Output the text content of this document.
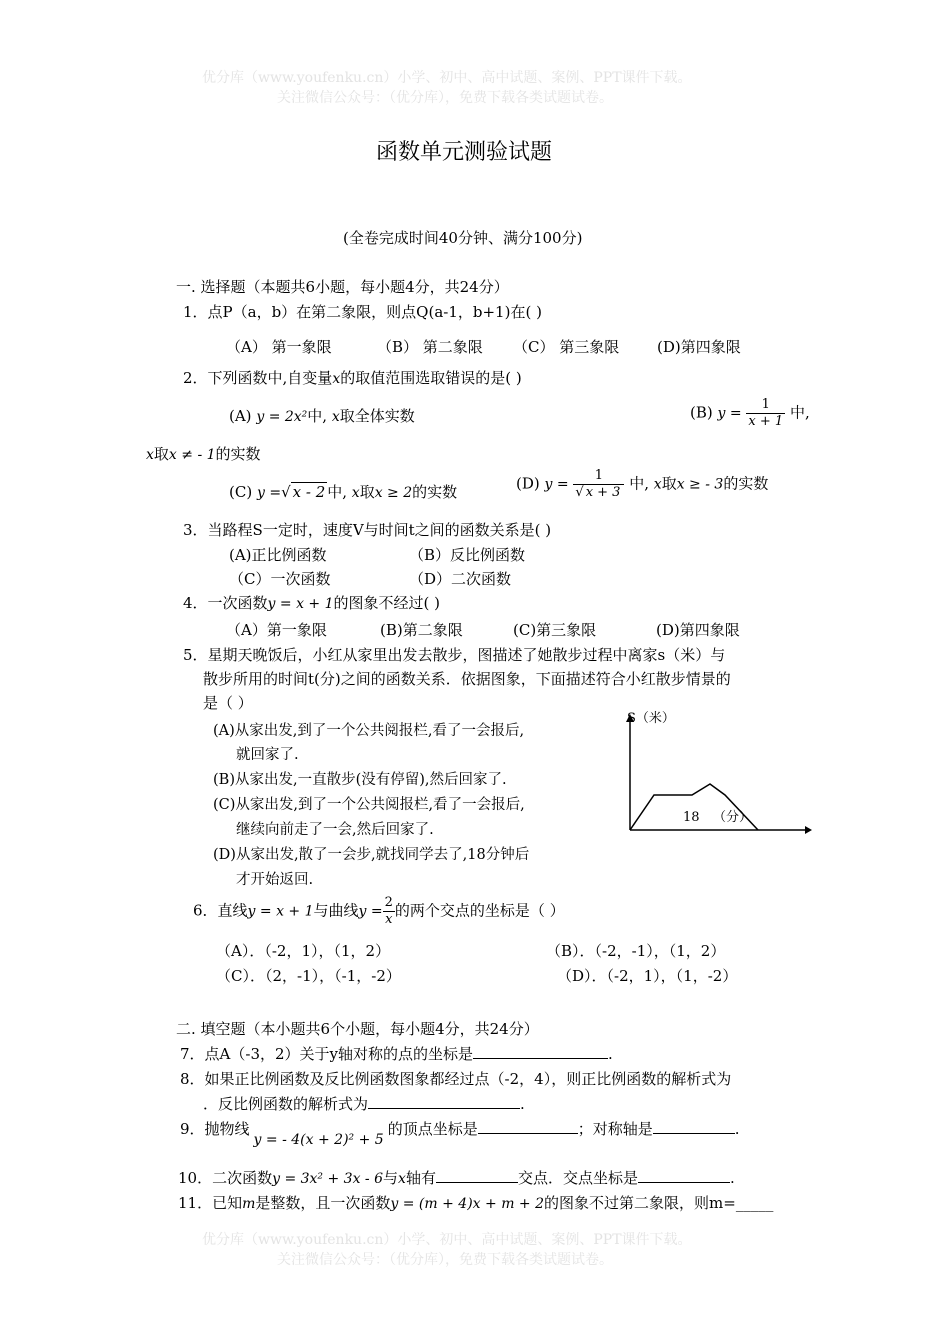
优分库（www.youfenku.cn）小学、初中、高中试题、案例、PPT课件下载。
关注微信公众号：（优分库），免费下载各类试题试卷。
优分库（www.youfenku.cn）小学、初中、高中试题、案例、PPT课件下载。
关注微信公众号：（优分库），免费下载各类试题试卷。
函数单元测验试题
(全卷完成时间40分钟、满分100分)
一. 选择题（本题共6小题，每小题4分，共24分）
1．点P（a，b）在第二象限，则点Q(a-1，b+1)在( )
（A） 第一象限	（B） 第二象限 （C） 第三象限	(D)第四象限
2．下列函数中,自变量x的取值范围选取错误的是( )
(A) y = 2x²中, x取全体实数	(B) $y = \frac{1}{x + 1}$ 中,
x取x ≠ - 1的实数
(C) y =√ x - 2 中, x取x ≥ 2的实数	(D) $y = \frac{1}{√ x + 3}$ 中, x取x ≥ - 3的实数
3．当路程S一定时，速度V与时间t之间的函数关系是( )
(A)正比例函数	（B）反比例函数
（C）一次函数	（D）二次函数
4．一次函数y = x + 1的图象不经过( )
（A）第一象限	(B)第二象限	(C)第三象限	(D)第四象限
5．星期天晚饭后，小红从家里出发去散步，图描述了她散步过程中离家s（米）与
散步所用的时间t(分)之间的函数关系．依据图象，下面描述符合小红散步情景的
是（ ）
(A)从家出发,到了一个公共阅报栏,看了一会报后,
就回家了.
(B)从家出发,一直散步(没有停留),然后回家了.
(C)从家出发,到了一个公共阅报栏,看了一会报后,
继续向前走了一会,然后回家了.
(D)从家出发,散了一会步,就找同学去了,18分钟后
才开始返回.
S（米）
18 （分）
6．直线y = x + 1与曲线$y = \frac{2}{x}$ 的两个交点的坐标是（ ）
（A）．（-2，1），（1，2）	（B）．（-2，-1），（1，2）
（C）．（2，-1），（-1，-2）	（D）．（-2，1），（1，-2）
二. 填空题（本小题共6个小题，每小题4分，共24分）
7．点A（-3，2）关于y轴对称的点的坐标是	.
8．如果正比例函数及反比例函数图象都经过点（-2，4），则正比例函数的解析式为
．反比例函数的解析式为	.
9．抛物线y = - 4(x + 2)² + 5的顶点坐标是	；对称轴是	.
10．二次函数y = 3x² + 3x - 6与x轴有	交点．交点坐标是	.
11．已知m是整数，且一次函数y = (m + 4)x + m + 2的图象不过第二象限，则m=_____
